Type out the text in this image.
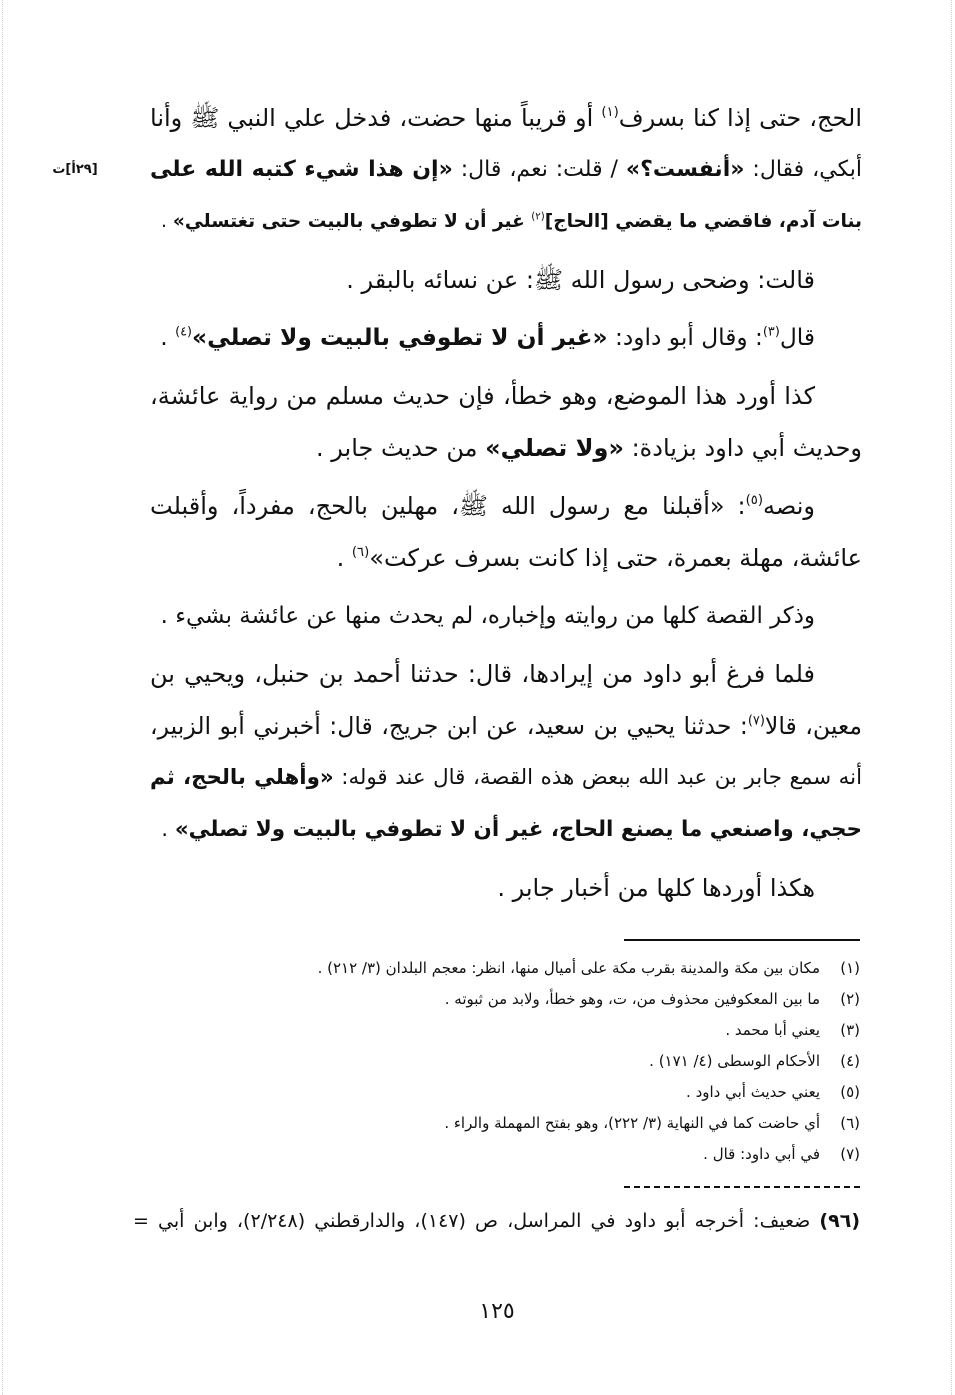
[٢٩أ]ت
الحج، حتى إذا كنا بسرف$^{(١)}$ أو قريباً منها حضت، فدخل علي النبي ﷺ وأنا
أبكي، فقال: «أنفست؟» / قلت: نعم، قال: «إن هذا شيء كتبه الله على
بنات آدم، فاقضي ما يقضي [الحاج]$^{(٢)}$ غير أن لا تطوفي بالبيت حتى تغتسلي» .
قالت: وضحى رسول الله ﷺ: عن نسائه بالبقر .
قال$^{(٣)}$: وقال أبو داود: «غير أن لا تطوفي بالبيت ولا تصلي»$^{(٤)}$ .
كذا أورد هذا الموضع، وهو خطأ، فإن حديث مسلم من رواية عائشة،
وحديث أبي داود بزيادة: «ولا تصلي» من حديث جابر .
ونصه$^{(٥)}$: «أقبلنا مع رسول الله ﷺ، مهلين بالحج، مفرداً، وأقبلت
عائشة، مهلة بعمرة، حتى إذا كانت بسرف عركت»$^{(٦)}$ .
وذكر القصة كلها من روايته وإخباره، لم يحدث منها عن عائشة بشيء .
فلما فرغ أبو داود من إيرادها، قال: حدثنا أحمد بن حنبل، ويحيي بن
معين، قالا$^{(٧)}$: حدثنا يحيي بن سعيد، عن ابن جريج، قال: أخبرني أبو الزبير،
أنه سمع جابر بن عبد الله ببعض هذه القصة، قال عند قوله: «وأهلي بالحج، ثم
حجي، واصنعي ما يصنع الحاج، غير أن لا تطوفي بالبيت ولا تصلي» .
هكذا أوردها كلها من أخبار جابر .
(١)مكان بين مكة والمدينة بقرب مكة على أميال منها، انظر: معجم البلدان (٣/ ٢١٢) .
(٢)ما بين المعكوفين محذوف من، ت، وهو خطأ، ولابد من ثبوته .
(٣)يعني أبا محمد .
(٤)الأحكام الوسطى (٤/ ١٧١) .
(٥)يعني حديث أبي داود .
(٦)أي حاضت كما في النهاية (٣/ ٢٢٢)، وهو بفتح المهملة والراء .
(٧)في أبي داود: قال .
(٩٦) ضعيف: أخرجه أبو داود في المراسل، ص (١٤٧)، والدارقطني (٢/٢٤٨)، وابن أبي =
١٢٥
